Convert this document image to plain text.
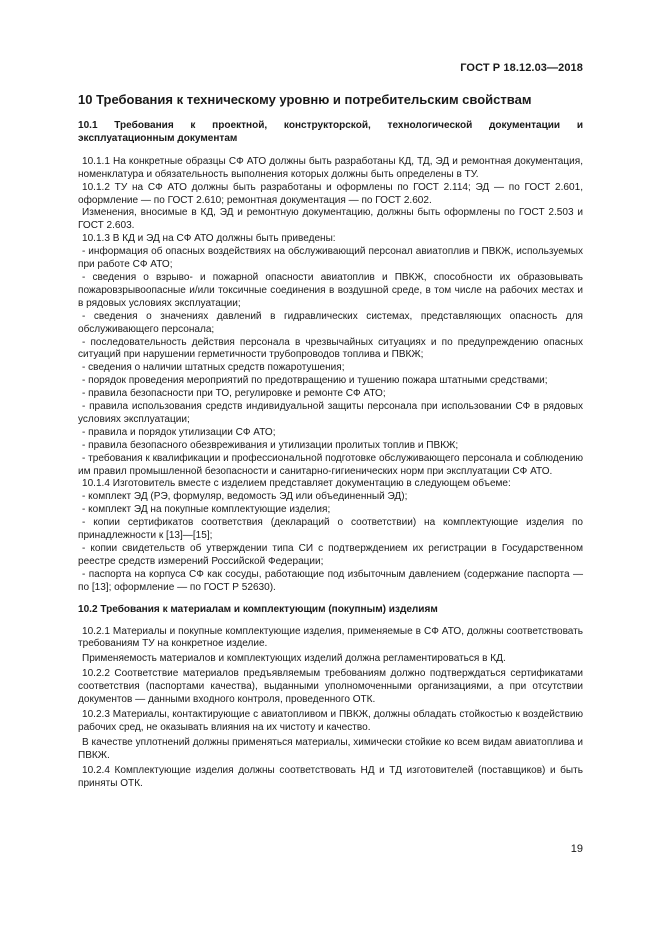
ГОСТ Р 18.12.03—2018
10 Требования к техническому уровню и потребительским свойствам
10.1 Требования к проектной, конструкторской, технологической документации и эксплуатационным документам

10.1.1 На конкретные образцы СФ АТО должны быть разработаны КД, ТД, ЭД и ремонтная документация, номенклатура и обязательность выполнения которых должны быть определены в ТУ.

10.1.2 ТУ на СФ АТО должны быть разработаны и оформлены по ГОСТ 2.114; ЭД — по ГОСТ 2.601, оформление — по ГОСТ 2.610; ремонтная документация — по ГОСТ 2.602.

Изменения, вносимые в КД, ЭД и ремонтную документацию, должны быть оформлены по ГОСТ 2.503 и ГОСТ 2.603.

10.1.3 В КД и ЭД на СФ АТО должны быть приведены:

- информация об опасных воздействиях на обслуживающий персонал авиатоплив и ПВКЖ, используемых при работе СФ АТО;

- сведения о взрыво- и пожарной опасности авиатоплив и ПВКЖ, способности их образовывать пожаровзрывоопасные и/или токсичные соединения в воздушной среде, в том числе на рабочих местах и в рядовых условиях эксплуатации;

- сведения о значениях давлений в гидравлических системах, представляющих опасность для обслуживающего персонала;

- последовательность действия персонала в чрезвычайных ситуациях и по предупреждению опасных ситуаций при нарушении герметичности трубопроводов топлива и ПВКЖ;

- сведения о наличии штатных средств пожаротушения;

- порядок проведения мероприятий по предотвращению и тушению пожара штатными средствами;

- правила безопасности при ТО, регулировке и ремонте СФ АТО;

- правила использования средств индивидуальной защиты персонала при использовании СФ в рядовых условиях эксплуатации;

- правила и порядок утилизации СФ АТО;

- правила безопасного обезвреживания и утилизации пролитых топлив и ПВКЖ;

- требования к квалификации и профессиональной подготовке обслуживающего персонала и соблюдению им правил промышленной безопасности и санитарно-гигиенических норм при эксплуатации СФ АТО.

10.1.4 Изготовитель вместе с изделием представляет документацию в следующем объеме:

- комплект ЭД (РЭ, формуляр, ведомость ЭД или объединенный ЭД);

- комплект ЭД на покупные комплектующие изделия;

- копии сертификатов соответствия (деклараций о соответствии) на комплектующие изделия по принадлежности к [13]—[15];

- копии свидетельств об утверждении типа СИ с подтверждением их регистрации в Государственном реестре средств измерений Российской Федерации;

- паспорта на корпуса СФ как сосуды, работающие под избыточным давлением (содержание паспорта — по [13]; оформление — по ГОСТ Р 52630).

10.2 Требования к материалам и комплектующим (покупным) изделиям

10.2.1 Материалы и покупные комплектующие изделия, применяемые в СФ АТО, должны соответствовать требованиям ТУ на конкретное изделие.

Применяемость материалов и комплектующих изделий должна регламентироваться в КД.

10.2.2 Соответствие материалов предъявляемым требованиям должно подтверждаться сертификатами соответствия (паспортами качества), выданными уполномоченными организациями, а при отсутствии документов — данными входного контроля, проведенного ОТК.

10.2.3 Материалы, контактирующие с авиатопливом и ПВКЖ, должны обладать стойкостью к воздействию рабочих сред, не оказывать влияния на их чистоту и качество.

В качестве уплотнений должны применяться материалы, химически стойкие ко всем видам авиатоплива и ПВКЖ.

10.2.4 Комплектующие изделия должны соответствовать НД и ТД изготовителей (поставщиков) и быть приняты ОТК.

19
